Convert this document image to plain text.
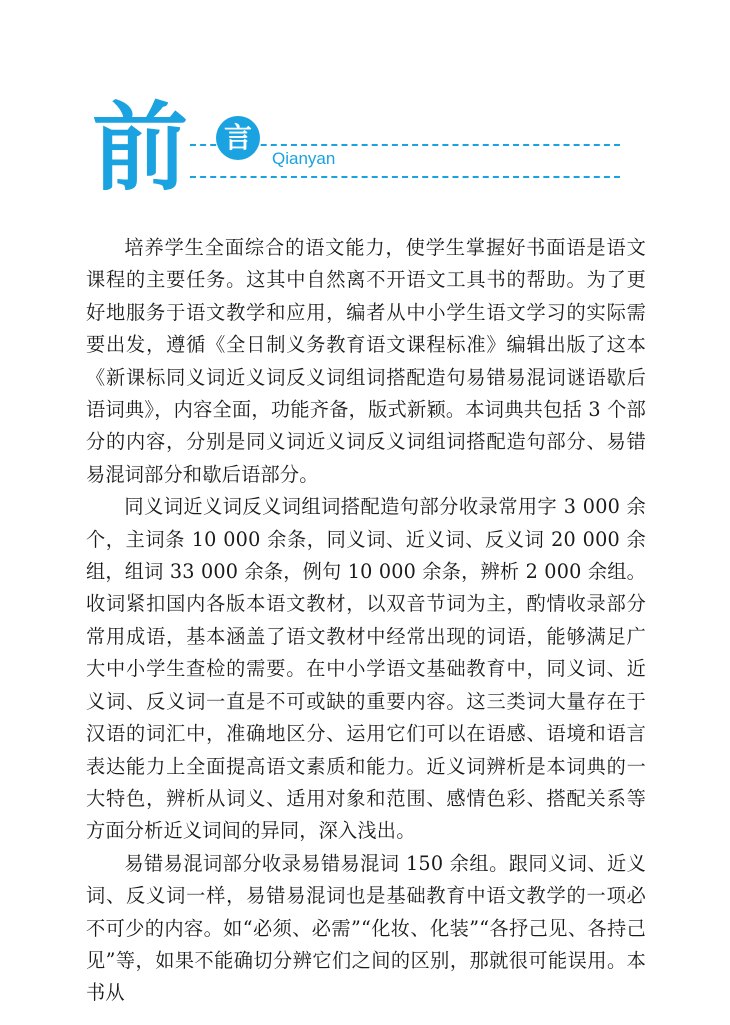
前 言
Qianyan

培养学生全面综合的语文能力，使学生掌握好书面语是语文课程的主要任务。这其中自然离不开语文工具书的帮助。为了更好地服务于语文教学和应用，编者从中小学生语文学习的实际需要出发，遵循《全日制义务教育语文课程标准》编辑出版了这本《新课标同义词近义词反义词组词搭配造句易错易混词谜语歇后语词典》，内容全面，功能齐备，版式新颖。本词典共包括 3 个部分的内容，分别是同义词近义词反义词组词搭配造句部分、易错易混词部分和歇后语部分。

同义词近义词反义词组词搭配造句部分收录常用字 3 000 余个，主词条 10 000 余条，同义词、近义词、反义词 20 000 余组，组词 33 000 余条，例句 10 000 余条，辨析 2 000 余组。收词紧扣国内各版本语文教材，以双音节词为主，酌情收录部分常用成语，基本涵盖了语文教材中经常出现的词语，能够满足广大中小学生查检的需要。在中小学语文基础教育中，同义词、近义词、反义词一直是不可或缺的重要内容。这三类词大量存在于汉语的词汇中，准确地区分、运用它们可以在语感、语境和语言表达能力上全面提高语文素质和能力。近义词辨析是本词典的一大特色，辨析从词义、适用对象和范围、感情色彩、搭配关系等方面分析近义词间的异同，深入浅出。

易错易混词部分收录易错易混词 150 余组。跟同义词、近义词、反义词一样，易错易混词也是基础教育中语文教学的一项必不可少的内容。如“必须、必需”“化妆、化装”“各抒己见、各持己见”等，如果不能确切分辨它们之间的区别，那就很可能误用。本书从
